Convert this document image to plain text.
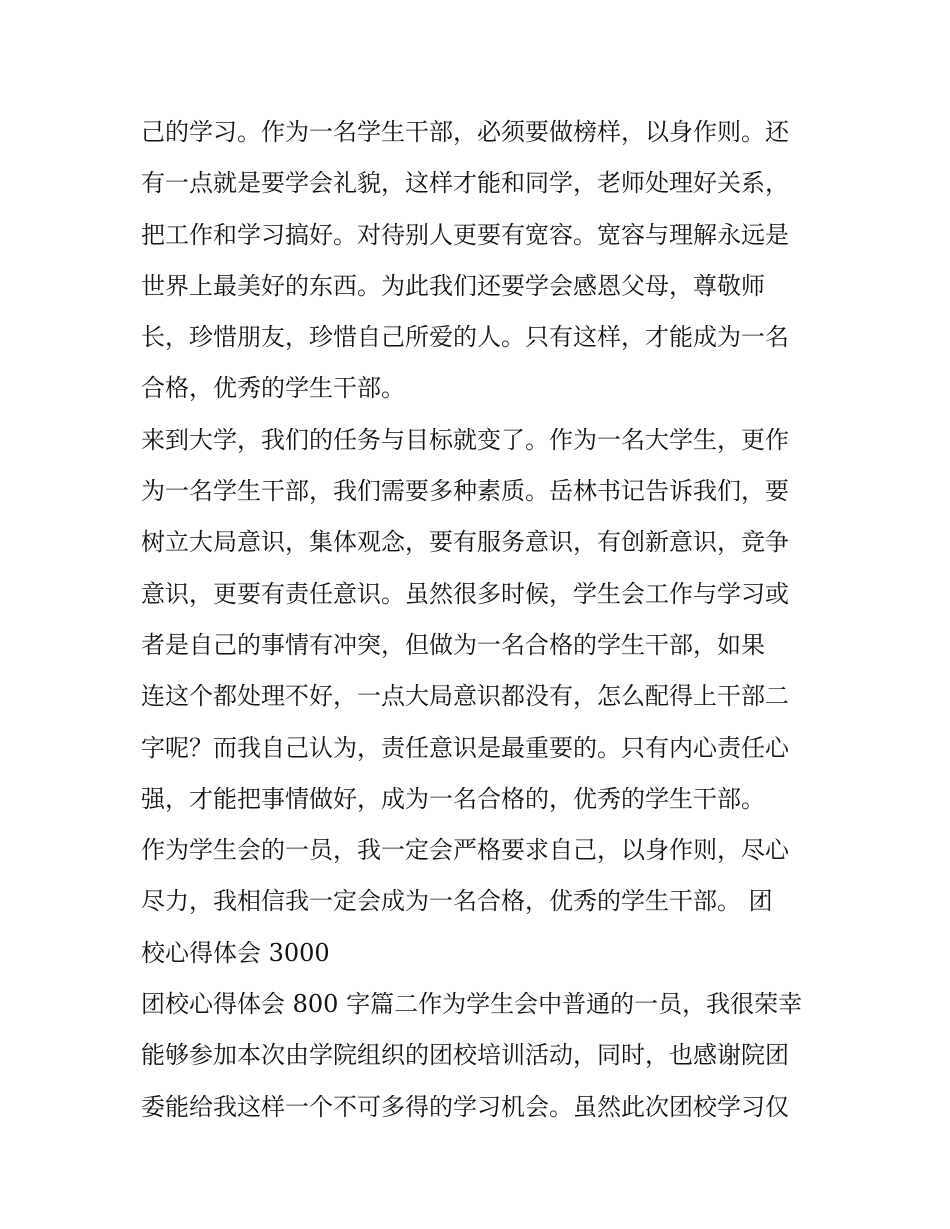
己的学习。作为一名学生干部，必须要做榜样，以身作则。还
有一点就是要学会礼貌，这样才能和同学，老师处理好关系，
把工作和学习搞好。对待别人更要有宽容。宽容与理解永远是
世界上最美好的东西。为此我们还要学会感恩父母，尊敬师
长，珍惜朋友，珍惜自己所爱的人。只有这样，才能成为一名
合格，优秀的学生干部。
来到大学，我们的任务与目标就变了。作为一名大学生，更作
为一名学生干部，我们需要多种素质。岳林书记告诉我们，要
树立大局意识，集体观念，要有服务意识，有创新意识，竞争
意识，更要有责任意识。虽然很多时候，学生会工作与学习或
者是自己的事情有冲突，但做为一名合格的学生干部，如果
连这个都处理不好，一点大局意识都没有，怎么配得上干部二
字呢？而我自己认为，责任意识是最重要的。只有内心责任心
强，才能把事情做好，成为一名合格的，优秀的学生干部。
作为学生会的一员，我一定会严格要求自己，以身作则，尽心
尽力，我相信我一定会成为一名合格，优秀的学生干部。 团
校心得体会 3000
团校心得体会 800 字篇二作为学生会中普通的一员，我很荣幸
能够参加本次由学院组织的团校培训活动，同时，也感谢院团
委能给我这样一个不可多得的学习机会。虽然此次团校学习仅
